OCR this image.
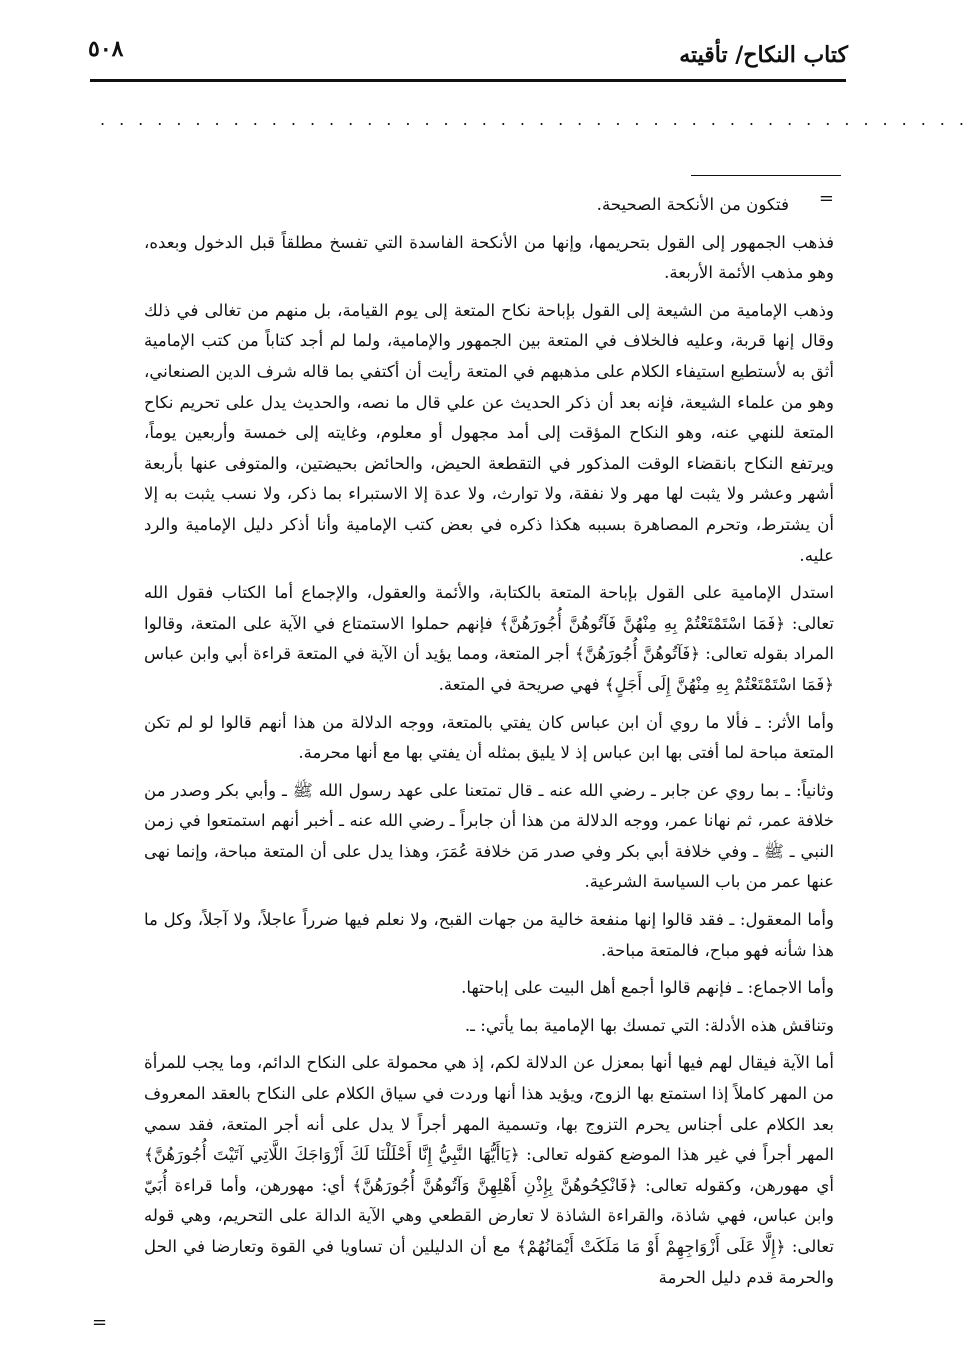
كتاب النكاح/ تأقيته
٥٠٨
..............................................
=

فتكون من الأنكحة الصحيحة.

فذهب الجمهور إلى القول بتحريمها، وإنها من الأنكحة الفاسدة التي تفسخ مطلقاً قبل الدخول وبعده، وهو مذهب الأئمة الأربعة.

وذهب الإمامية من الشيعة إلى القول بإباحة نكاح المتعة إلى يوم القيامة، بل منهم من تغالى في ذلك وقال إنها قربة، وعليه فالخلاف في المتعة بين الجمهور والإمامية، ولما لم أجد كتاباً من كتب الإمامية أثق به لأستطيع استيفاء الكلام على مذهبهم في المتعة رأيت أن أكتفي بما قاله شرف الدين الصنعاني، وهو من علماء الشيعة، فإنه بعد أن ذكر الحديث عن علي قال ما نصه، والحديث يدل على تحريم نكاح المتعة للنهي عنه، وهو النكاح المؤقت إلى أمد مجهول أو معلوم، وغايته إلى خمسة وأربعين يوماً، ويرتفع النكاح بانقضاء الوقت المذكور في التقطعة الحيض، والحائض بحيضتين، والمتوفى عنها بأربعة أشهر وعشر ولا يثبت لها مهر ولا نفقة، ولا توارث، ولا عدة إلا الاستبراء بما ذكر، ولا نسب يثبت به إلا أن يشترط، وتحرم المصاهرة بسببه هكذا ذكره في بعض كتب الإمامية وأنا أذكر دليل الإمامية والرد عليه.

استدل الإمامية على القول بإباحة المتعة بالكتابة، والأئمة والعقول، والإجماع أما الكتاب فقول الله تعالى: ﴿فَمَا اسْتَمْتَعْتُمْ بِهِ مِنْهُنَّ فَآتُوهُنَّ أُجُورَهُنَّ﴾ فإنهم حملوا الاستمتاع في الآية على المتعة، وقالوا المراد بقوله تعالى: ﴿فَآتُوهُنَّ أُجُورَهُنَّ﴾ أجر المتعة، ومما يؤيد أن الآية في المتعة قراءة أبي وابن عباس ﴿فَمَا اسْتَمْتَعْتُمْ بِهِ مِنْهُنَّ إِلَى أَجَلٍ﴾ فهي صريحة في المتعة.

وأما الأثر: ـ فألا ما روي أن ابن عباس كان يفتي بالمتعة، ووجه الدلالة من هذا أنهم قالوا لو لم تكن المتعة مباحة لما أفتى بها ابن عباس إذ لا يليق بمثله أن يفتي بها مع أنها محرمة.

وثانياً: ـ بما روي عن جابر ـ رضي الله عنه ـ قال تمتعنا على عهد رسول الله ﷺ ـ وأبي بكر وصدر من خلافة عمر، ثم نهانا عمر، ووجه الدلالة من هذا أن جابراً ـ رضي الله عنه ـ أخبر أنهم استمتعوا في زمن النبي ـ ﷺ ـ وفي خلافة أبي بكر وفي صدر مَن خلافة عُمَرَ، وهذا يدل على أن المتعة مباحة، وإنما نهى عنها عمر من باب السياسة الشرعية.

وأما المعقول: ـ فقد قالوا إنها منفعة خالية من جهات القبح، ولا نعلم فيها ضرراً عاجلاً، ولا آجلاً، وكل ما هذا شأنه فهو مباح، فالمتعة مباحة.

وأما الاجماع: ـ فإنهم قالوا أجمع أهل البيت على إباحتها.

وتناقش هذه الأدلة: التي تمسك بها الإمامية بما يأتي: ـ.

أما الآية فيقال لهم فيها أنها بمعزل عن الدلالة لكم، إذ هي محمولة على النكاح الدائم، وما يجب للمرأة من المهر كاملاً إذا استمتع بها الزوج، ويؤيد هذا أنها وردت في سياق الكلام على النكاح بالعقد المعروف بعد الكلام على أجناس يحرم التزوج بها، وتسمية المهر أجراً لا يدل على أنه أجر المتعة، فقد سمي المهر أجراً في غير هذا الموضع كقوله تعالى: ﴿يَاأَيُّهَا النَّبِيُّ إِنَّا أَحْلَلْنَا لَكَ أَزْوَاجَكَ اللَّاتِي آتَيْتَ أُجُورَهُنَّ﴾ أي مهورهن، وكقوله تعالى: ﴿فَانْكِحُوهُنَّ بِإِذْنِ أَهْلِهِنَّ وَآتُوهُنَّ أُجُورَهُنَّ﴾ أي: مهورهن، وأما قراءة أُبَيّ وابن عباس، فهي شاذة، والقراءة الشاذة لا تعارض القطعي وهي الآية الدالة على التحريم، وهي قوله تعالى: ﴿إِلَّا عَلَى أَزْوَاجِهِمْ أَوْ مَا مَلَكَتْ أَيْمَانُهُمْ﴾ مع أن الدليلين أن تساويا في القوة وتعارضا في الحل والحرمة قدم دليل الحرمة

=
